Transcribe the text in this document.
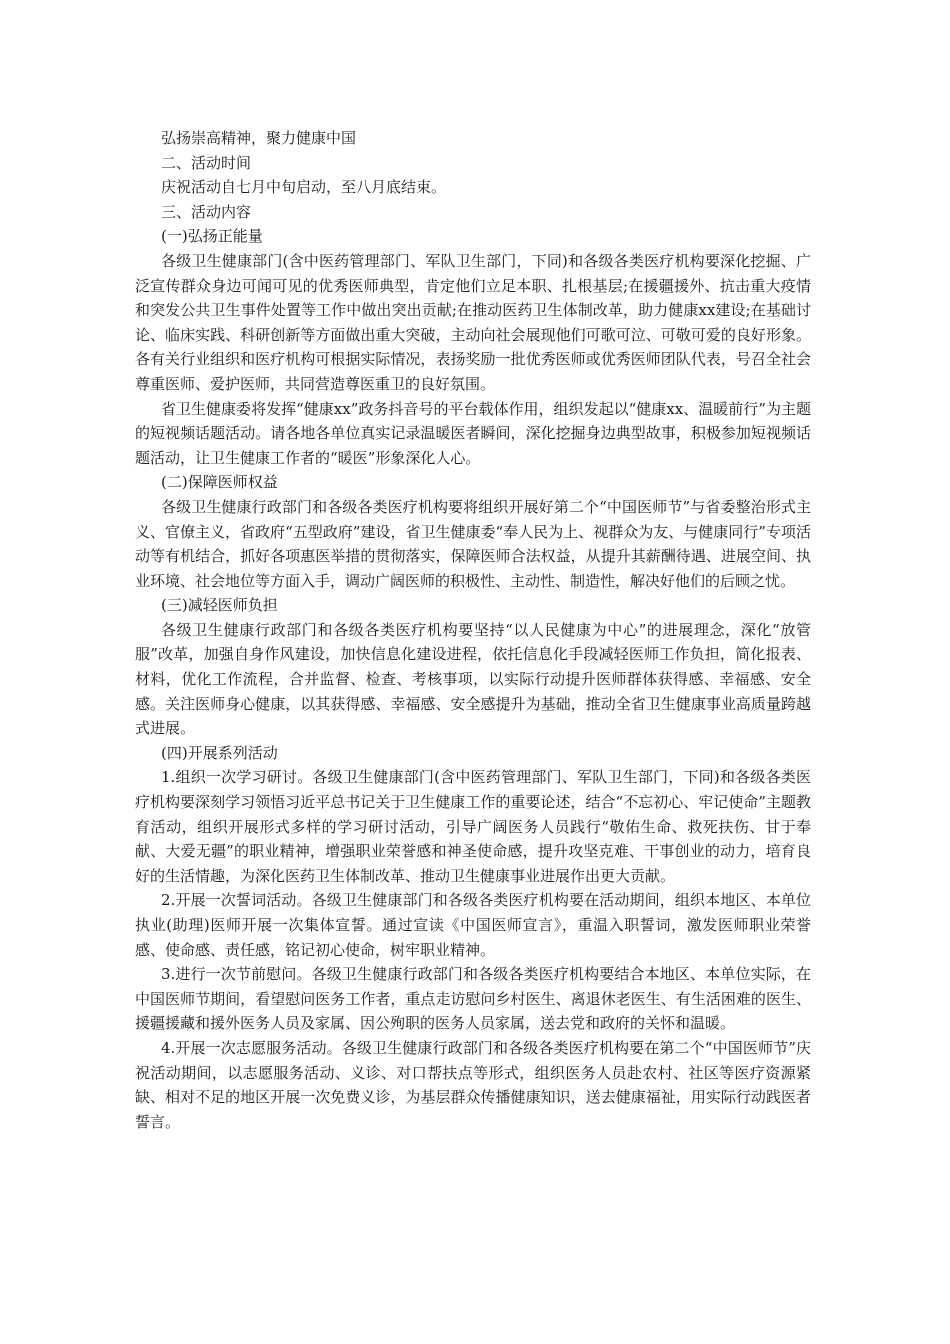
弘扬崇高精神，聚力健康中国

二、活动时间

庆祝活动自七月中旬启动，至八月底结束。

三、活动内容

(一)弘扬正能量

各级卫生健康部门(含中医药管理部门、军队卫生部门，下同)和各级各类医疗机构要深化挖掘、广泛宣传群众身边可闻可见的优秀医师典型，肯定他们立足本职、扎根基层;在援疆援外、抗击重大疫情和突发公共卫生事件处置等工作中做出突出贡献;在推动医药卫生体制改革，助力健康xx建设;在基础讨论、临床实践、科研创新等方面做出重大突破，主动向社会展现他们可歌可泣、可敬可爱的良好形象。各有关行业组织和医疗机构可根据实际情况，表扬奖励一批优秀医师或优秀医师团队代表，号召全社会尊重医师、爱护医师，共同营造尊医重卫的良好氛围。

省卫生健康委将发挥“健康xx”政务抖音号的平台载体作用，组织发起以“健康xx、温暖前行”为主题的短视频话题活动。请各地各单位真实记录温暖医者瞬间，深化挖掘身边典型故事，积极参加短视频话题活动，让卫生健康工作者的“暖医”形象深化人心。

(二)保障医师权益

各级卫生健康行政部门和各级各类医疗机构要将组织开展好第二个“中国医师节”与省委整治形式主义、官僚主义，省政府“五型政府”建设，省卫生健康委“奉人民为上、视群众为友、与健康同行”专项活动等有机结合，抓好各项惠医举措的贯彻落实，保障医师合法权益，从提升其薪酬待遇、进展空间、执业环境、社会地位等方面入手，调动广阔医师的积极性、主动性、制造性，解决好他们的后顾之忧。

(三)减轻医师负担

各级卫生健康行政部门和各级各类医疗机构要坚持“以人民健康为中心”的进展理念，深化“放管服”改革，加强自身作风建设，加快信息化建设进程，依托信息化手段减轻医师工作负担，简化报表、材料，优化工作流程，合并监督、检查、考核事项，以实际行动提升医师群体获得感、幸福感、安全感。关注医师身心健康，以其获得感、幸福感、安全感提升为基础，推动全省卫生健康事业高质量跨越式进展。

(四)开展系列活动

1.组织一次学习研讨。各级卫生健康部门(含中医药管理部门、军队卫生部门，下同)和各级各类医疗机构要深刻学习领悟习近平总书记关于卫生健康工作的重要论述，结合“不忘初心、牢记使命”主题教育活动，组织开展形式多样的学习研讨活动，引导广阔医务人员践行“敬佑生命、救死扶伤、甘于奉献、大爱无疆”的职业精神，增强职业荣誉感和神圣使命感，提升攻坚克难、干事创业的动力，培育良好的生活情趣，为深化医药卫生体制改革、推动卫生健康事业进展作出更大贡献。

2.开展一次誓词活动。各级卫生健康部门和各级各类医疗机构要在活动期间，组织本地区、本单位执业(助理)医师开展一次集体宣誓。通过宣读《中国医师宣言》，重温入职誓词，激发医师职业荣誉感、使命感、责任感，铭记初心使命，树牢职业精神。

3.进行一次节前慰问。各级卫生健康行政部门和各级各类医疗机构要结合本地区、本单位实际，在中国医师节期间，看望慰问医务工作者，重点走访慰问乡村医生、离退休老医生、有生活困难的医生、援疆援藏和援外医务人员及家属、因公殉职的医务人员家属，送去党和政府的关怀和温暖。

4.开展一次志愿服务活动。各级卫生健康行政部门和各级各类医疗机构要在第二个“中国医师节”庆祝活动期间，以志愿服务活动、义诊、对口帮扶点等形式，组织医务人员赴农村、社区等医疗资源紧缺、相对不足的地区开展一次免费义诊，为基层群众传播健康知识，送去健康福祉，用实际行动践医者誓言。
